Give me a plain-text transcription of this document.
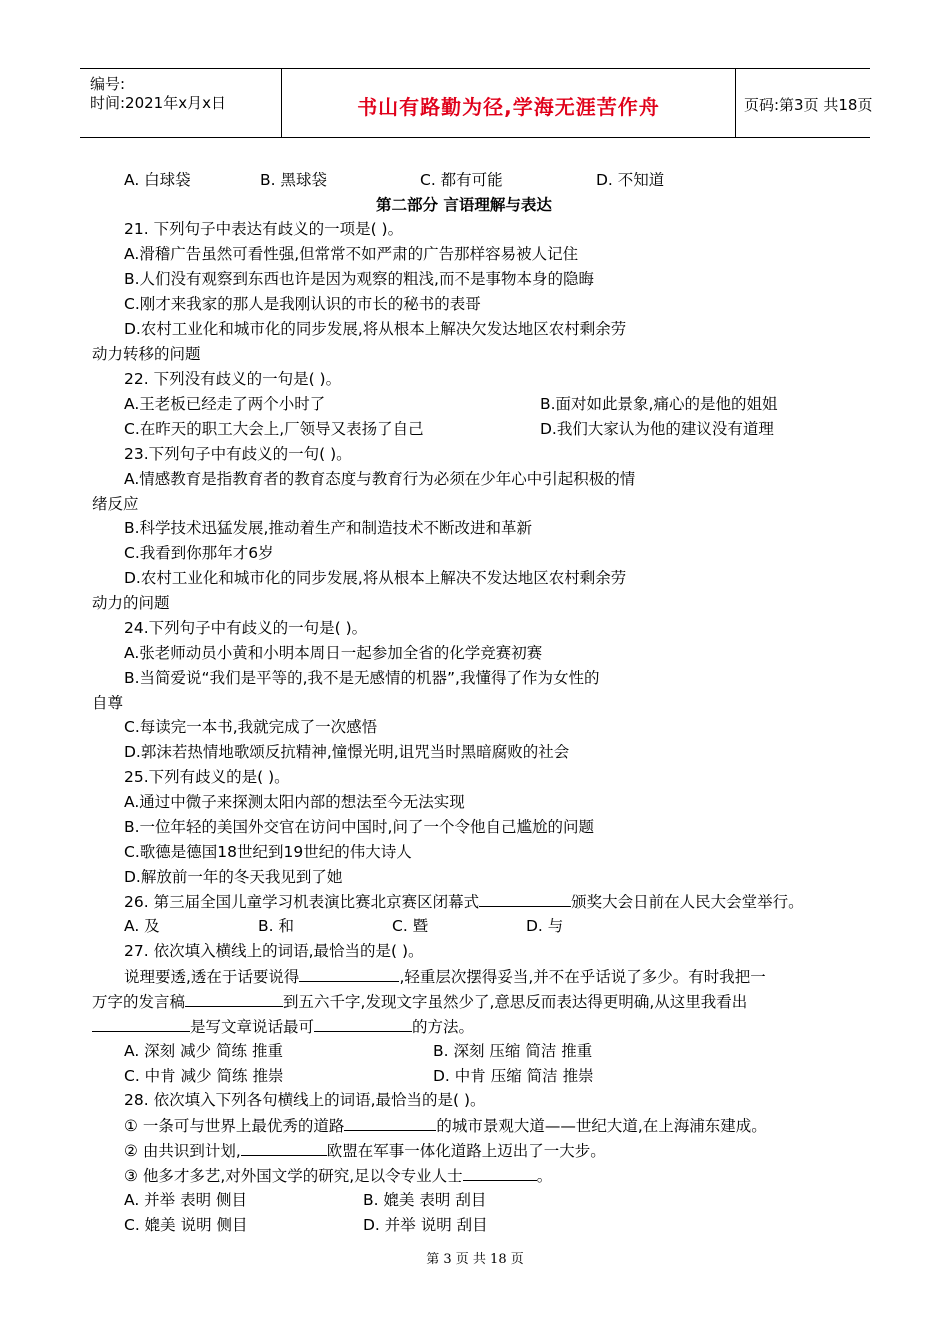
编号:
时间:2021年x月x日	书山有路勤为径,学海无涯苦作舟	页码:第3页 共18页
A. 白球袋	B. 黑球袋	C. 都有可能	D. 不知道
第二部分 言语理解与表达
21. 下列句子中表达有歧义的一项是( )。
A.滑稽广告虽然可看性强,但常常不如严肃的广告那样容易被人记住
B.人们没有观察到东西也许是因为观察的粗浅,而不是事物本身的隐晦
C.刚才来我家的那人是我刚认识的市长的秘书的表哥
D.农村工业化和城市化的同步发展,将从根本上解决欠发达地区农村剩余劳
动力转移的问题
22. 下列没有歧义的一句是( )。
A.王老板已经走了两个小时了	B.面对如此景象,痛心的是他的姐姐
C.在昨天的职工大会上,厂领导又表扬了自己	D.我们大家认为他的建议没有道理
23.下列句子中有歧义的一句( )。
A.情感教育是指教育者的教育态度与教育行为必须在少年心中引起积极的情
绪反应
B.科学技术迅猛发展,推动着生产和制造技术不断改进和革新
C.我看到你那年才6岁
D.农村工业化和城市化的同步发展,将从根本上解决不发达地区农村剩余劳
动力的问题
24.下列句子中有歧义的一句是( )。
A.张老师动员小黄和小明本周日一起参加全省的化学竞赛初赛
B.当简爱说“我们是平等的,我不是无感情的机器”,我懂得了作为女性的
自尊
C.每读完一本书,我就完成了一次感悟
D.郭沫若热情地歌颂反抗精神,憧憬光明,诅咒当时黑暗腐败的社会
25.下列有歧义的是( )。
A.通过中微子来探测太阳内部的想法至今无法实现
B.一位年轻的美国外交官在访问中国时,问了一个令他自己尴尬的问题
C.歌德是德国18世纪到19世纪的伟大诗人
D.解放前一年的冬天我见到了她
26. 第三届全国儿童学习机表演比赛北京赛区闭幕式	颁奖大会日前在人民大会堂举行。
A. 及	B. 和	C. 暨	D. 与
27. 依次填入横线上的词语,最恰当的是( )。
说理要透,透在于话要说得	,轻重层次摆得妥当,并不在乎话说了多少。有时我把一
万字的发言稿	到五六千字,发现文字虽然少了,意思反而表达得更明确,从这里我看出
是写文章说话最可	的方法。
A. 深刻 减少 简练 推重	B. 深刻 压缩 简洁 推重
C. 中肯 减少 简练 推崇	D. 中肯 压缩 简洁 推崇
28. 依次填入下列各句横线上的词语,最恰当的是( )。
① 一条可与世界上最优秀的道路	的城市景观大道——世纪大道,在上海浦东建成。
② 由共识到计划,	欧盟在军事一体化道路上迈出了一大步。
③ 他多才多艺,对外国文学的研究,足以令专业人士	。
A. 并举 表明 侧目	B. 媲美 表明 刮目
C. 媲美 说明 侧目	D. 并举 说明 刮目
第 3 页 共 18 页
